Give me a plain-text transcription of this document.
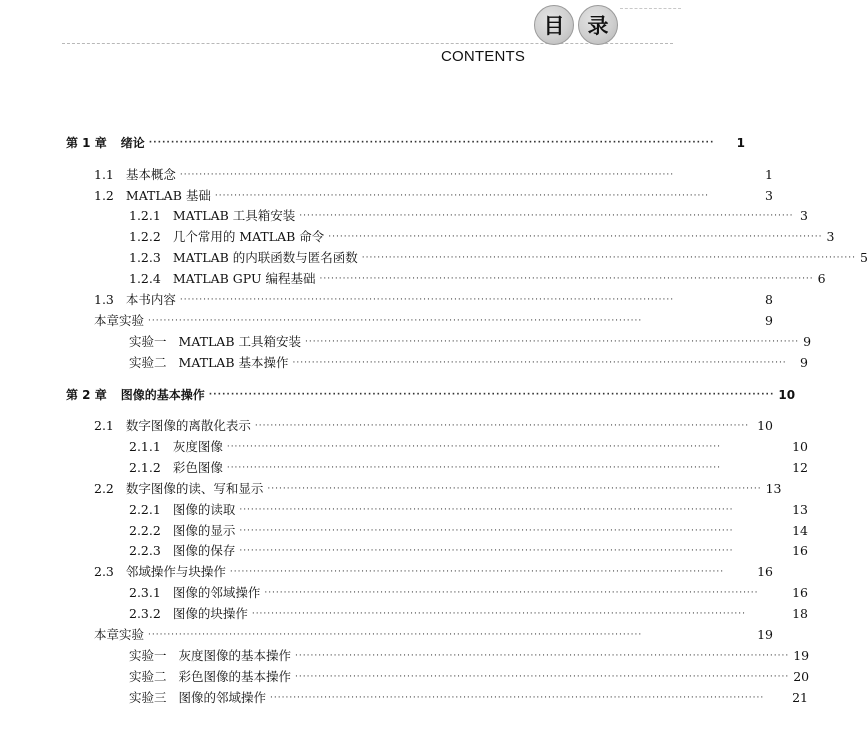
目	录
CONTENTS
第 1 章 绪论 ·····	1
1.1 基本概念 ·····	1
1.2 MATLAB 基础 ·····	3
1.2.1 MATLAB 工具箱安装 ·····	3
1.2.2 几个常用的 MATLAB 命令 ·····	3
1.2.3 MATLAB 的内联函数与匿名函数 ·····	5
1.2.4 MATLAB GPU 编程基础 ·····	6
1.3 本书内容 ·····	8
本章实验 ·····	9
实验一 MATLAB 工具箱安装 ·····	9
实验二 MATLAB 基本操作 ·····	9
第 2 章 图像的基本操作 ·····	10
2.1 数字图像的离散化表示 ·····	10
2.1.1 灰度图像 ·····	10
2.1.2 彩色图像 ·····	12
2.2 数字图像的读、写和显示 ·····	13
2.2.1 图像的读取 ·····	13
2.2.2 图像的显示 ·····	14
2.2.3 图像的保存 ·····	16
2.3 邻域操作与块操作 ·····	16
2.3.1 图像的邻域操作 ·····	16
2.3.2 图像的块操作 ·····	18
本章实验 ·····	19
实验一 灰度图像的基本操作 ·····	19
实验二 彩色图像的基本操作 ·····	20
实验三 图像的邻域操作 ·····	21
